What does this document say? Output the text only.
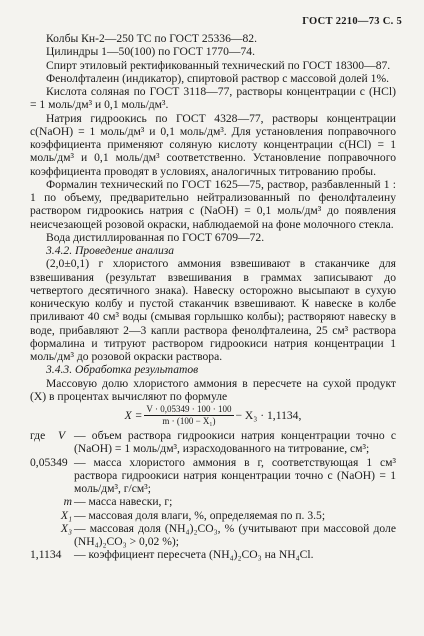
ГОСТ 2210—73 С. 5

Колбы Кн-2—250 ТС по ГОСТ 25336—82.

Цилиндры 1—50(100) по ГОСТ 1770—74.

Спирт этиловый ректификованный технический по ГОСТ 18300—87.

Фенолфталеин (индикатор), спиртовой раствор с массовой долей 1%.

Кислота соляная по ГОСТ 3118—77, растворы концентрации с (HCl) = 1 моль/дм³ и 0,1 моль/дм³.

Натрия гидроокись по ГОСТ 4328—77, растворы концентрации с(NaOH) = 1 моль/дм³ и 0,1 моль/дм³. Для установления поправочного коэффициента применяют соляную кислоту концентрации с(HCl) = 1 моль/дм³ и 0,1 моль/дм³ соответственно. Установление поправочного коэффициента проводят в условиях, аналогичных титрованию пробы.

Формалин технический по ГОСТ 1625—75, раствор, разбавленный 1 : 1 по объему, предварительно нейтрализованный по фенолфталеину раствором гидроокись натрия с (NaOH) = 0,1 моль/дм³ до появления неисчезающей розовой окраски, наблюдаемой на фоне молочного стекла.

Вода дистиллированная по ГОСТ 6709—72.

3.4.2. Проведение анализа

(2,0±0,1) г хлористого аммония взвешивают в стаканчике для взвешивания (результат взвешивания в граммах записывают до четвертого десятичного знака). Навеску осторожно высыпают в сухую коническую колбу и пустой стаканчик взвешивают. К навеске в колбе приливают 40 см³ воды (смывая горлышко колбы); растворяют навеску в воде, прибавляют 2—3 капли раствора фенолфталеина, 25 см³ раствора формалина и титруют раствором гидроокиси натрия концентрации 1 моль/дм³ до розовой окраски раствора.

3.4.3. Обработка результатов

Массовую долю хлористого аммония в пересчете на сухой продукт (X) в процентах вычисляют по формуле

$X = \frac{V \cdot 0,05349 \cdot 100 \cdot 100}{\text{m · (100 − X₁)}} - X_3 \cdot 1,1134$,
где	V — объем раствора гидроокиси натрия концентрации точно с (NaOH) = 1 моль/дм³, израсходованного на титрование, см³;
0,05349 — масса хлористого аммония в г, соответствующая 1 см³ раствора гидроокиси натрия концентрации точно с (NaOH) = 1 моль/дм³, г/см³;
m — масса навески, г;
X₁ — массовая доля влаги, %, определяемая по п. 3.5;
X₃ — массовая доля (NH₄)₂CO₃, % (учитывают при массовой доле (NH₄)₂CO₃ > 0,02 %);
1,1134	— коэффициент пересчета (NH₄)₂CO₃ на NH₄Cl.
